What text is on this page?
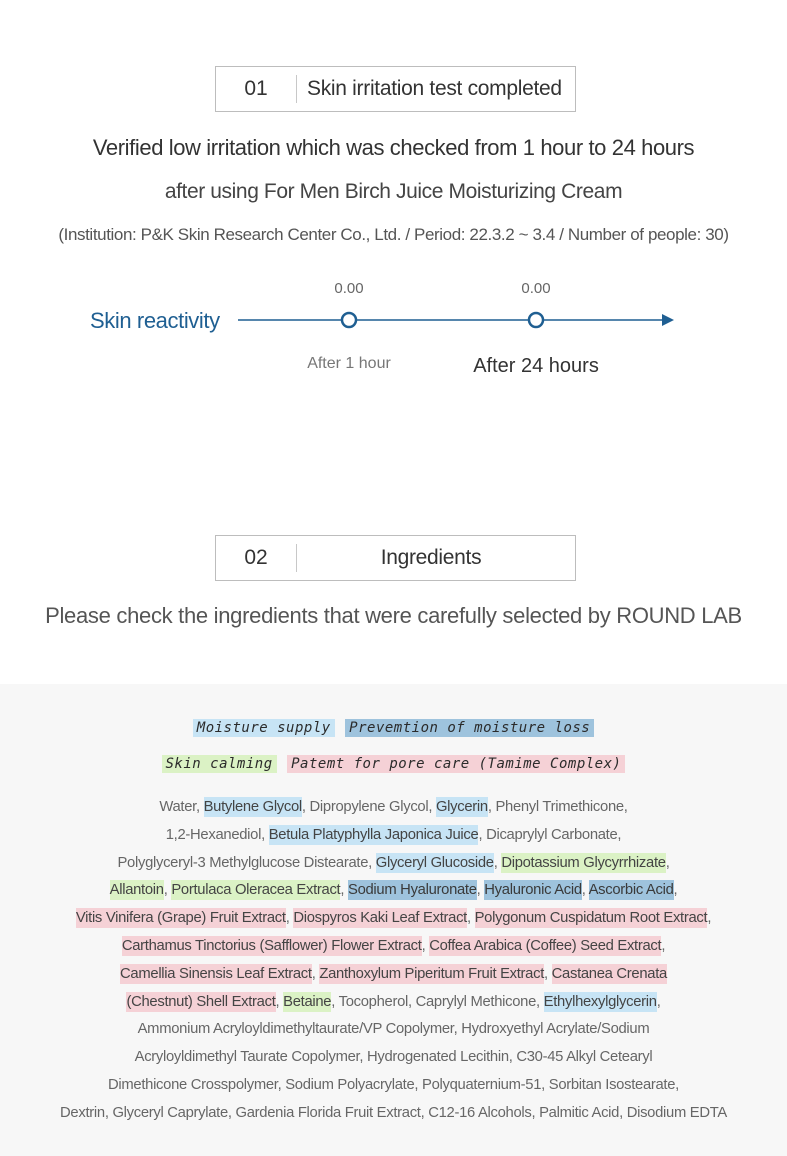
01	Skin irritation test completed
Verified low irritation which was checked from 1 hour to 24 hours
after using For Men Birch Juice Moisturizing Cream
(Institution: P&K Skin Research Center Co., Ltd. / Period: 22.3.2 ~ 3.4 / Number of people: 30)
Skin reactivity
0.00	0.00
After 1 hour	After 24 hours
02	Ingredients
Please check the ingredients that were carefully selected by ROUND LAB
Moisture supply Prevemtion of moisture loss
Skin calming Patemt for pore care (Tamime Complex)
Water, Butylene Glycol, Dipropylene Glycol, Glycerin, Phenyl Trimethicone,
1,2-Hexanediol, Betula Platyphylla Japonica Juice, Dicaprylyl Carbonate,
Polyglyceryl-3 Methylglucose Distearate, Glyceryl Glucoside, Dipotassium Glycyrrhizate,
Allantoin, Portulaca Oleracea Extract, Sodium Hyaluronate, Hyaluronic Acid, Ascorbic Acid,
Vitis Vinifera (Grape) Fruit Extract, Diospyros Kaki Leaf Extract, Polygonum Cuspidatum Root Extract,
Carthamus Tinctorius (Safflower) Flower Extract, Coffea Arabica (Coffee) Seed Extract,
Camellia Sinensis Leaf Extract, Zanthoxylum Piperitum Fruit Extract, Castanea Crenata
(Chestnut) Shell Extract, Betaine, Tocopherol, Caprylyl Methicone, Ethylhexylglycerin,
Ammonium Acryloyldimethyltaurate/VP Copolymer, Hydroxyethyl Acrylate/Sodium
Acryloyldimethyl Taurate Copolymer, Hydrogenated Lecithin, C30-45 Alkyl Cetearyl
Dimethicone Crosspolymer, Sodium Polyacrylate, Polyquaternium-51, Sorbitan Isostearate,
Dextrin, Glyceryl Caprylate, Gardenia Florida Fruit Extract, C12-16 Alcohols, Palmitic Acid, Disodium EDTA
